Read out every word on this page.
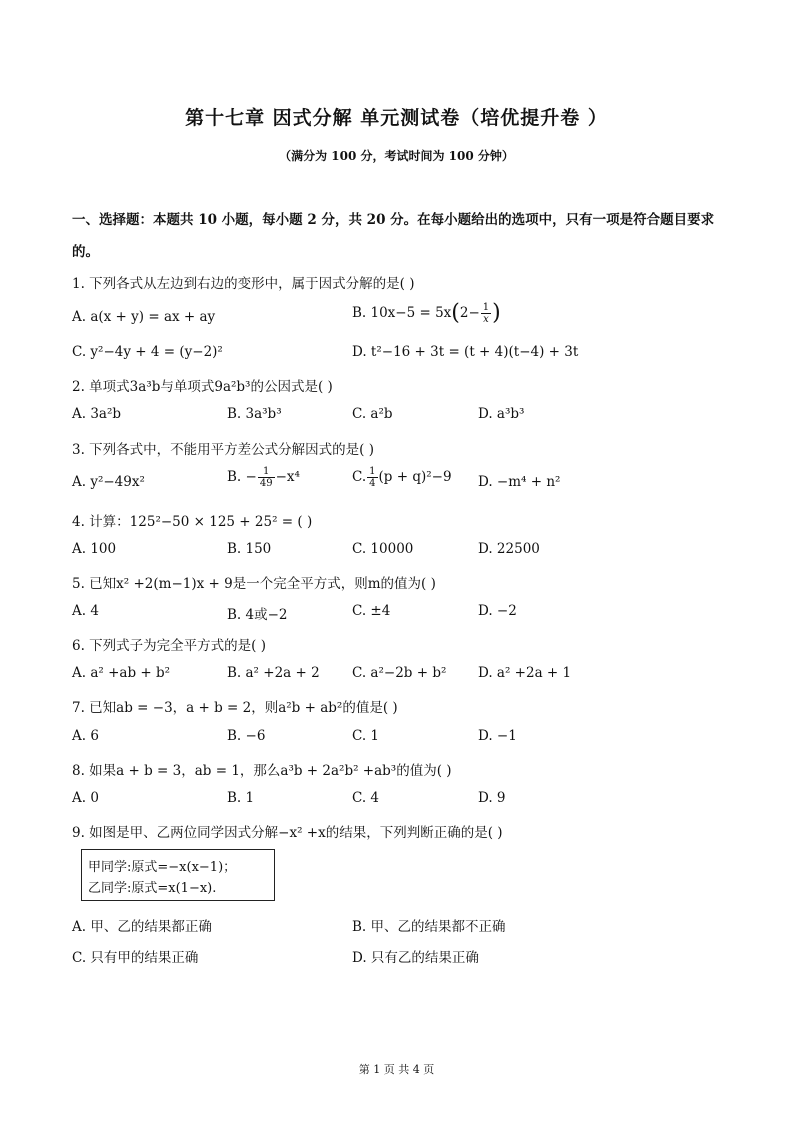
第十七章 因式分解 单元测试卷（培优提升卷 ）
（满分为 100 分，考试时间为 100 分钟）
一、选择题：本题共 10 小题，每小题 2 分，共 20 分。在每小题给出的选项中，只有一项是符合题目要求
的。
1. 下列各式从左边到右边的变形中，属于因式分解的是( )
A. a(x + y) = ax + ay	B. $10x-5 = 5x(2- \frac{1}{x}$ )
C. y²−4y + 4 = (y−2)²	D. t²−16 + 3t = (t + 4)(t−4) + 3t
2. 单项式3a³b与单项式9a²b³的公因式是( )
A. 3a²b	B. 3a³b³	C. a²b	D. a³b³
3. 下列各式中，不能用平方差公式分解因式的是( )
A. y²−49x²	B. − $\frac{1}{49} -x^4$	C. $\frac{1}{4} (p + q)^2-9$ D. −m⁴ + n²
4. 计算：125²−50 × 125 + 25² = ( )
A. 100	B. 150	C. 10000	D. 22500
5. 已知x² +2(m−1)x + 9是一个完全平方式，则m的值为( )
A. 4	B. 4或−2	C. ±4	D. −2
6. 下列式子为完全平方式的是( )
A. a² +ab + b²	B. a² +2a + 2 C. a²−2b + b² D. a² +2a + 1
7. 已知ab = −3，a + b = 2，则a²b + ab²的值是( )
A. 6	B. −6	C. 1	D. −1
8. 如果a + b = 3，ab = 1，那么a³b + 2a²b² +ab³的值为( )
A. 0	B. 1	C. 4	D. 9
9. 如图是甲、乙两位同学因式分解−x² +x的结果，下列判断正确的是( )
甲同学:原式=−x(x−1)；
乙同学:原式=x(1−x).
A. 甲、乙的结果都正确	B. 甲、乙的结果都不正确
C. 只有甲的结果正确	D. 只有乙的结果正确
第 1 页 共 4 页
